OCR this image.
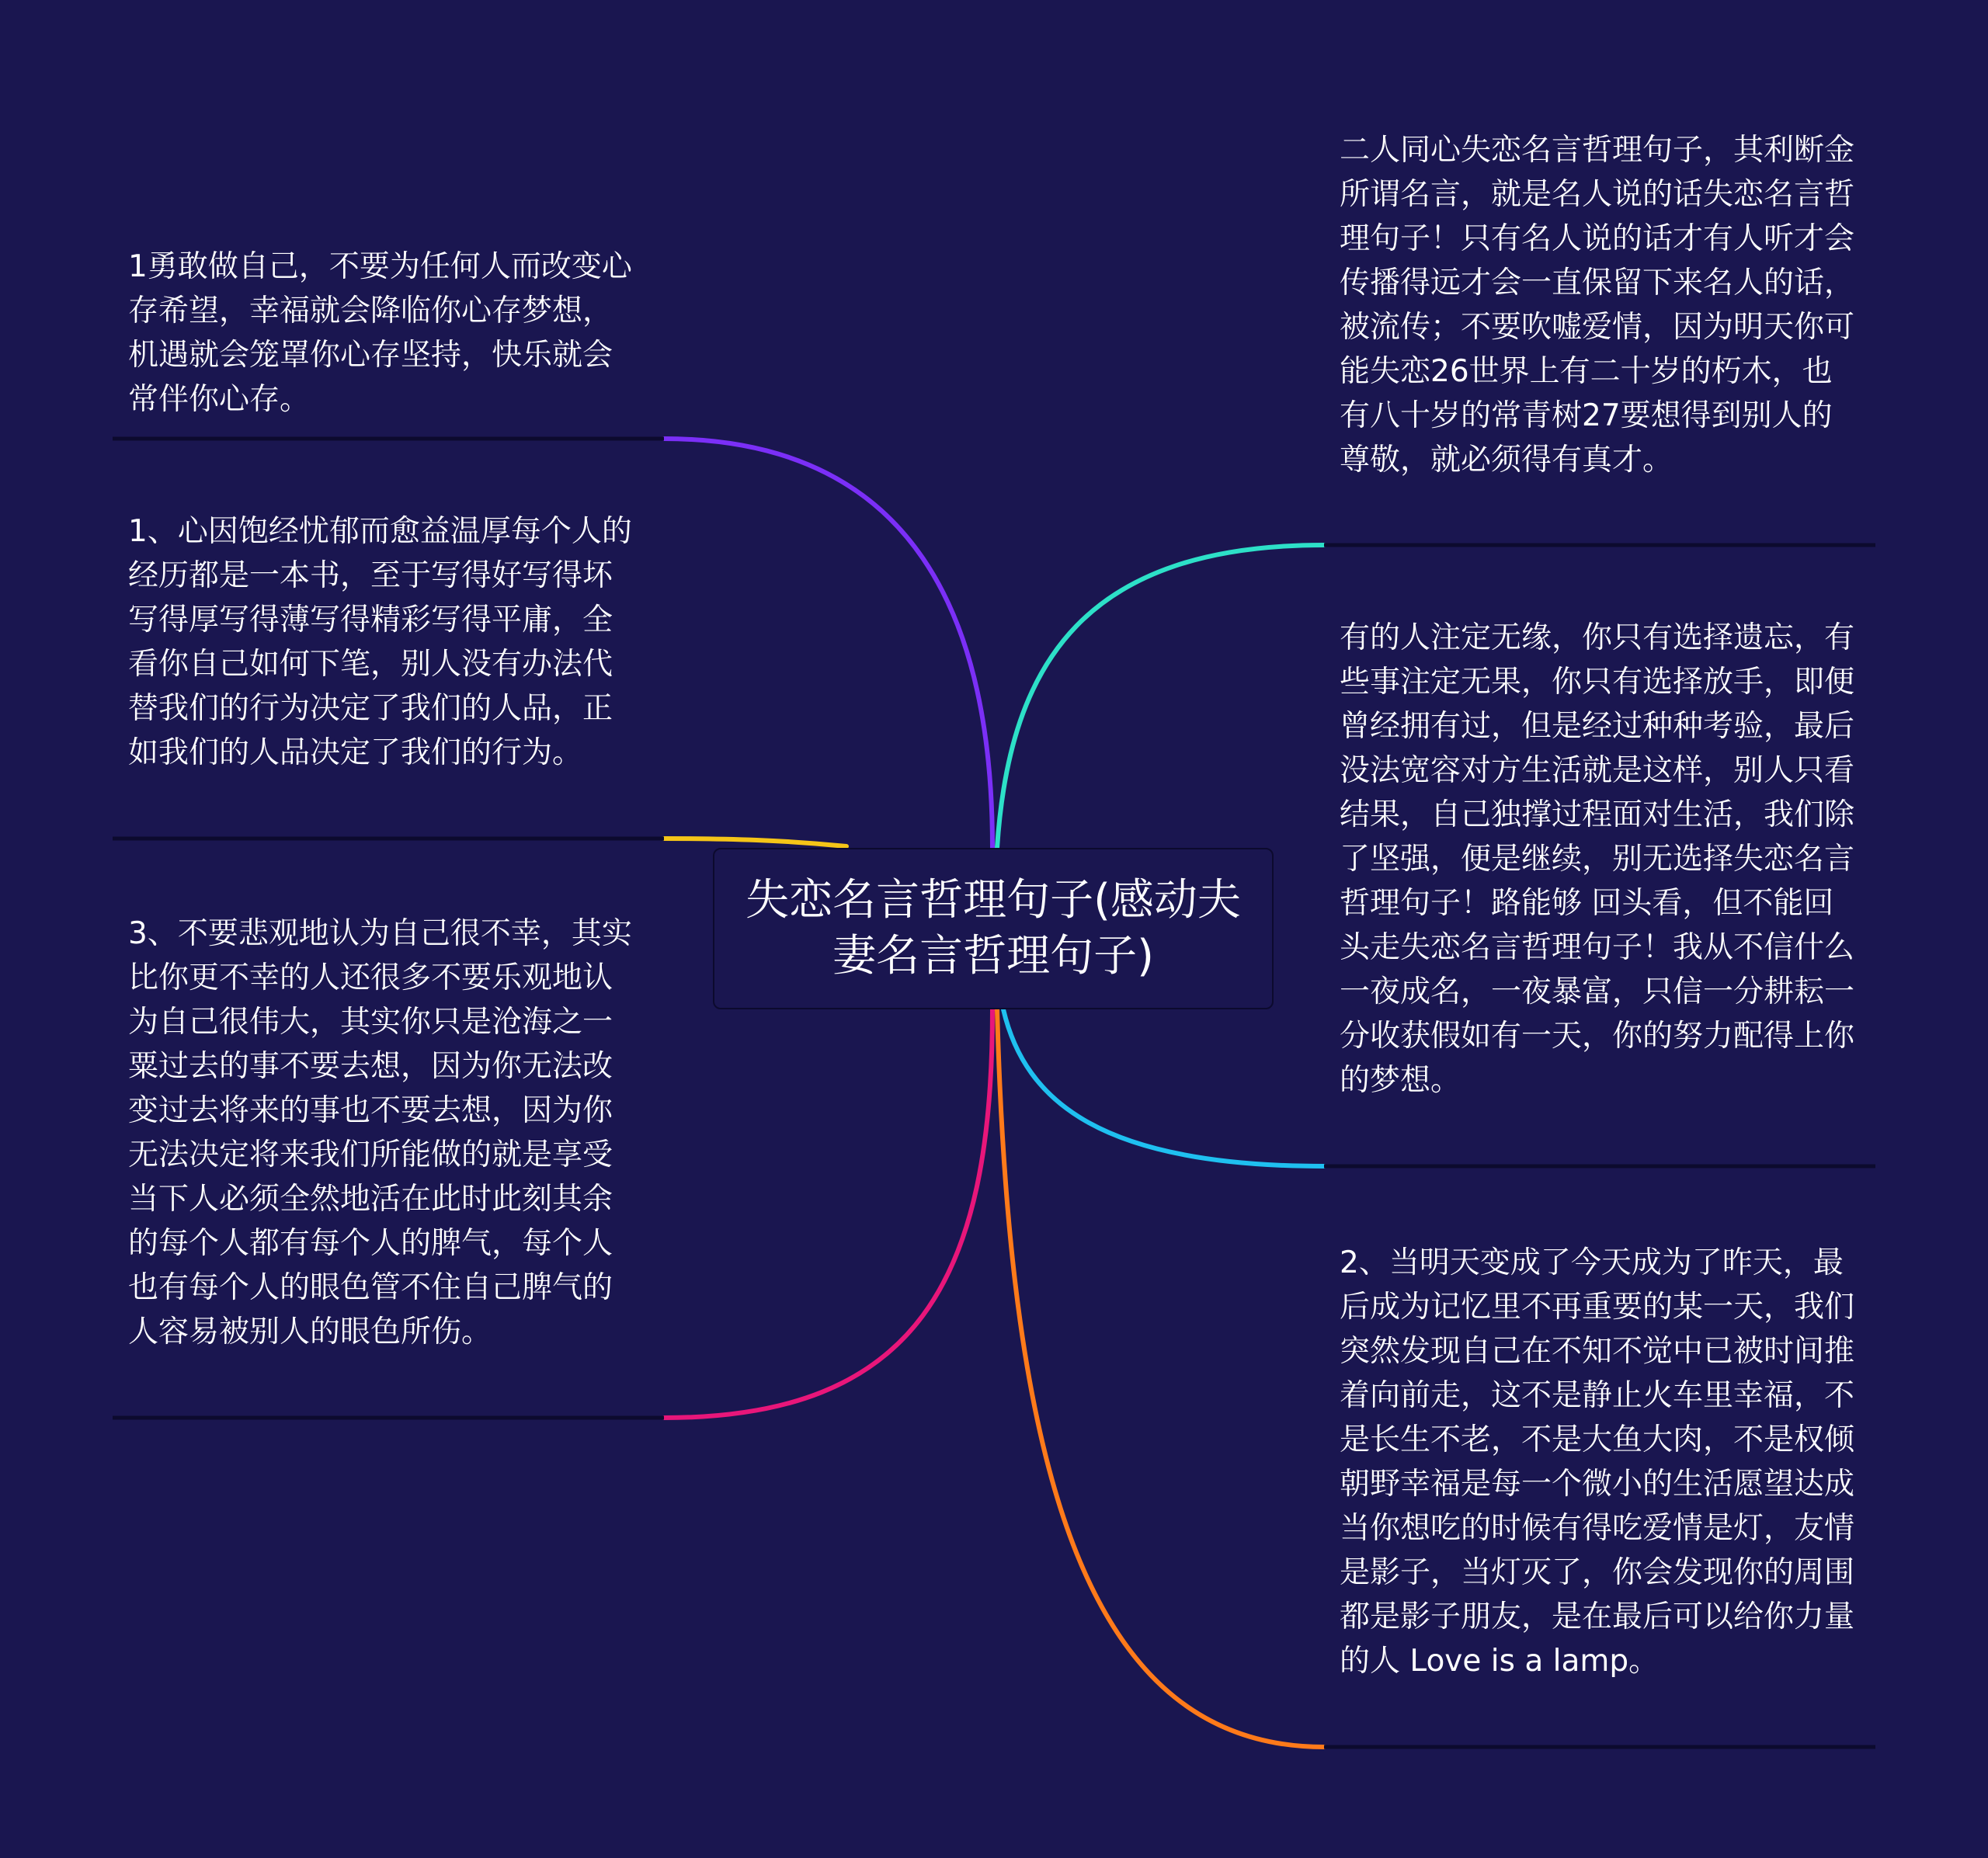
1勇敢做自己，不要为任何人而改变心存希望，幸福就会降临你心存梦想，机遇就会笼罩你心存坚持，快乐就会常伴你心存。

1、心因饱经忧郁而愈益温厚每个人的经历都是一本书，至于写得好写得坏写得厚写得薄写得精彩写得平庸，全看你自己如何下笔，别人没有办法代替我们的行为决定了我们的人品，正如我们的人品决定了我们的行为。

3、不要悲观地认为自己很不幸，其实比你更不幸的人还很多不要乐观地认为自己很伟大，其实你只是沧海之一粟过去的事不要去想，因为你无法改变过去将来的事也不要去想，因为你无法决定将来我们所能做的就是享受当下人必须全然地活在此时此刻其余的每个人都有每个人的脾气，每个人也有每个人的眼色管不住自己脾气的人容易被别人的眼色所伤。

失恋名言哲理句子(感动夫妻名言哲理句子)

二人同心失恋名言哲理句子，其利断金 所谓名言，就是名人说的话失恋名言哲理句子！只有名人说的话才有人听才会传播得远才会一直保留下来名人的话，被流传；不要吹嘘爱情，因为明天你可能失恋26世界上有二十岁的朽木，也有八十岁的常青树27要想得到别人的尊敬，就必须得有真才。

有的人注定无缘，你只有选择遗忘，有些事注定无果，你只有选择放手，即便曾经拥有过，但是经过种种考验，最后没法宽容对方生活就是这样，别人只看结果，自己独撑过程面对生活，我们除了坚强，便是继续，别无选择失恋名言哲理句子！路能够 回头看，但不能回头走失恋名言哲理句子！我从不信什么一夜成名，一夜暴富，只信一分耕耘一分收获假如有一天，你的努力配得上你的梦想。

2、当明天变成了今天成为了昨天，最后成为记忆里不再重要的某一天，我们突然发现自己在不知不觉中已被时间推着向前走，这不是静止火车里幸福，不是长生不老，不是大鱼大肉，不是权倾朝野幸福是每一个微小的生活愿望达成当你想吃的时候有得吃爱情是灯，友情是影子，当灯灭了，你会发现你的周围都是影子朋友，是在最后可以给你力量的人 Love is a lamp。
